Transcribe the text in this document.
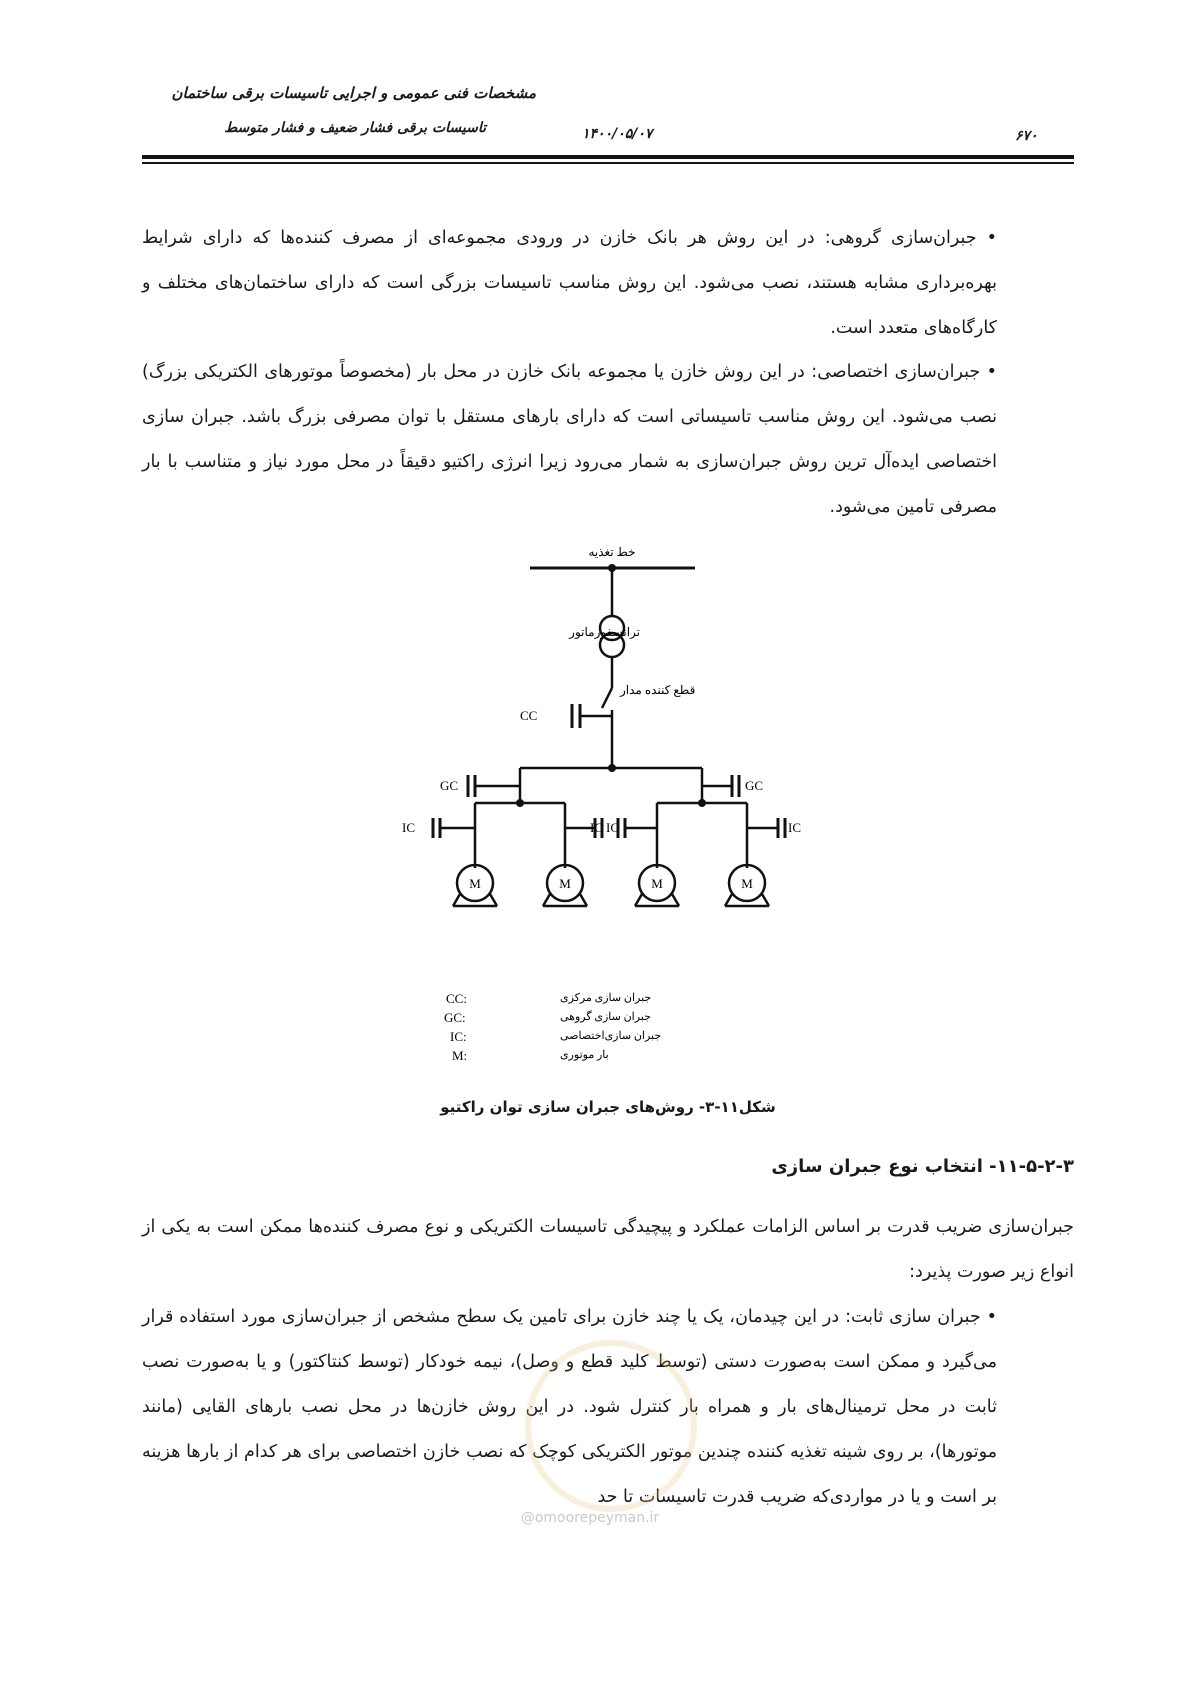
مشخصات فنی عمومی و اجرایی تاسیسات برقی ساختمان
تاسیسات برقی فشار ضعیف و فشار متوسط	۱۴۰۰/۰۵/۰۷	۶۷۰
• جبران‌سازی گروهی: در این روش هر بانک خازن در ورودی مجموعه‌ای از مصرف کننده‌ها که دارای شرایط بهره‌برداری مشابه هستند، نصب می‌شود. این روش مناسب تاسیسات بزرگی است که دارای ساختمان‌های مختلف و کارگاه‌های متعدد است.
• جبران‌سازی اختصاصی: در این روش خازن یا مجموعه بانک خازن در محل بار (مخصوصاً موتورهای الکتریکی بزرگ) نصب می‌شود. این روش مناسب تاسیساتی است که دارای بارهای مستقل با توان مصرفی بزرگ باشد. جبران سازی اختصاصی ایده‌آل ترین روش جبران‌سازی به شمار می‌رود زیرا انرژی راکتیو دقیقاً در محل مورد نیاز و متناسب با بار مصرفی تامین می‌شود.
خط تغذیه
ترانسفورماتور
قطع کننده مدار
CC
GC	GC
IC	IC
IC	IC
M	M	M	M
CC:	جبران سازی مرکزی
GC:	جبران سازی گروهی
IC:	جبران سازی‌اختصاصی
M:	بار موتوری
شکل۱۱-۳- روش‌های جبران سازی توان راکتیو
۱۱-۵-۲-۳- انتخاب نوع جبران سازی
جبران‌سازی ضریب قدرت بر اساس الزامات عملکرد و پیچیدگی تاسیسات الکتریکی و نوع مصرف کننده‌ها ممکن است به یکی از انواع زیر صورت پذیرد:
• جبران سازی ثابت: در این چیدمان، یک یا چند خازن برای تامین یک سطح مشخص از جبران‌سازی مورد استفاده قرار می‌گیرد و ممکن است به‌صورت دستی (توسط کلید قطع و وصل)، نیمه خودکار (توسط کنتاکتور) و یا به‌صورت نصب ثابت در محل ترمینال‌های بار و همراه بار کنترل شود. در این روش خازن‌ها در محل نصب بارهای القایی (مانند موتورها)، بر روی شینه تغذیه کننده چندین موتور الکتریکی کوچک که نصب خازن اختصاصی برای هر کدام از بارها هزینه بر است و یا در مواردی‌که ضریب قدرت تاسیسات تا حد
@omoorepeyman.ir
